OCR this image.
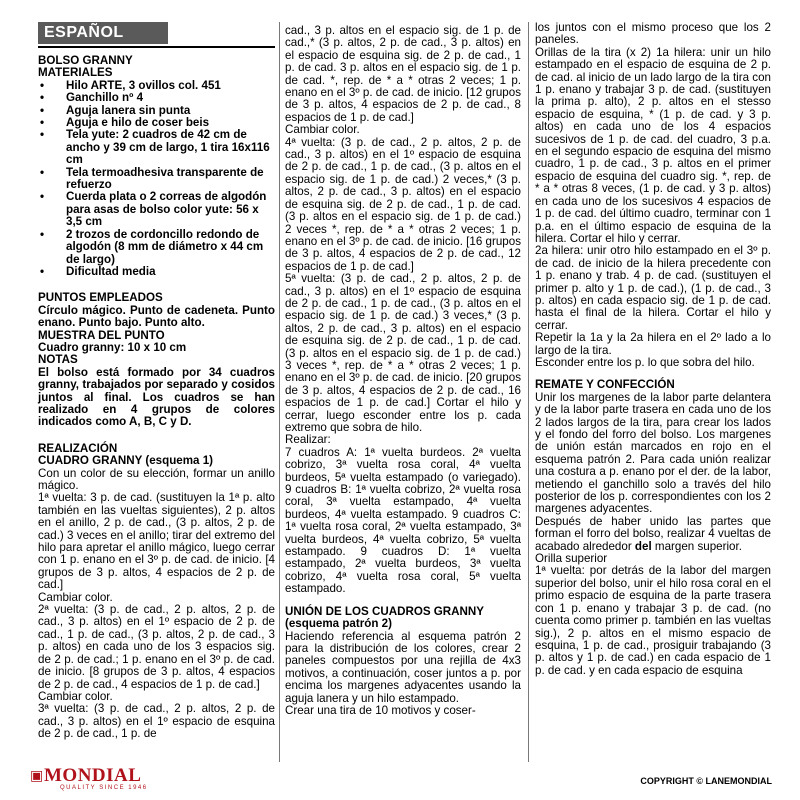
ESPAÑOL

BOLSO GRANNY

MATERIALES

• Hilo ARTE, 3 ovillos col. 451
• Ganchillo nº 4
• Aguja lanera sin punta
• Aguja e hilo de coser beis
• Tela yute: 2 cuadros de 42 cm de ancho y 39 cm de largo, 1 tira 16x116 cm
• Tela termoadhesiva transparente de refuerzo
• Cuerda plata o 2 correas de algodón para asas de bolso color yute: 56 x 3,5 cm
• 2 trozos de cordoncillo redondo de algodón (8 mm de diámetro x 44 cm de largo)
• Dificultad media

PUNTOS EMPLEADOS

Círculo mágico. Punto de cadeneta. Punto enano. Punto bajo. Punto alto.

MUESTRA DEL PUNTO

Cuadro granny: 10 x 10 cm

NOTAS

El bolso está formado por 34 cuadros granny, trabajados por separado y cosidos juntos al final. Los cuadros se han realizado en 4 grupos de colores indicados como A, B, C y D.

REALIZACIÓN

CUADRO GRANNY (esquema 1)

Con un color de su elección, formar un anillo mágico.

1ª vuelta: 3 p. de cad. (sustituyen la 1ª p. alto también en las vueltas siguientes), 2 p. altos en el anillo, 2 p. de cad., (3 p. altos, 2 p. de cad.) 3 veces en el anillo; tirar del extremo del hilo para apretar el anillo mágico, luego cerrar con 1 p. enano en el 3º p. de cad. de inicio. [4 grupos de 3 p. altos, 4 espacios de 2 p. de cad.]

Cambiar color.

2ª vuelta: (3 p. de cad., 2 p. altos, 2 p. de cad., 3 p. altos) en el 1º espacio de 2 p. de cad., 1 p. de cad., (3 p. altos, 2 p. de cad., 3 p. altos) en cada uno de los 3 espacios sig. de 2 p. de cad.; 1 p. enano en el 3º p. de cad. de inicio. [8 grupos de 3 p. altos, 4 espacios de 2 p. de cad., 4 espacios de 1 p. de cad.]

Cambiar color.

3ª vuelta: (3 p. de cad., 2 p. altos, 2 p. de cad., 3 p. altos) en el 1º espacio de esquina de 2 p. de cad., 1 p. de

cad., 3 p. altos en el espacio sig. de 1 p. de cad.,* (3 p. altos, 2 p. de cad., 3 p. altos) en el espacio de esquina sig. de 2 p. de cad., 1 p. de cad. 3 p. altos en el espacio sig. de 1 p. de cad. *, rep. de * a * otras 2 veces; 1 p. enano en el 3º p. de cad. de inicio. [12 grupos de 3 p. altos, 4 espacios de 2 p. de cad., 8 espacios de 1 p. de cad.]

Cambiar color.

4ª vuelta: (3 p. de cad., 2 p. altos, 2 p. de cad., 3 p. altos) en el 1º espacio de esquina de 2 p. de cad., 1 p. de cad., (3 p. altos en el espacio sig. de 1 p. de cad.) 2 veces,* (3 p. altos, 2 p. de cad., 3 p. altos) en el espacio de esquina sig. de 2 p. de cad., 1 p. de cad. (3 p. altos en el espacio sig. de 1 p. de cad.) 2 veces *, rep. de * a * otras 2 veces; 1 p. enano en el 3º p. de cad. de inicio. [16 grupos de 3 p. altos, 4 espacios de 2 p. de cad., 12 espacios de 1 p. de cad.]

5ª vuelta: (3 p. de cad., 2 p. altos, 2 p. de cad., 3 p. altos) en el 1º espacio de esquina de 2 p. de cad., 1 p. de cad., (3 p. altos en el espacio sig. de 1 p. de cad.) 3 veces,* (3 p. altos, 2 p. de cad., 3 p. altos) en el espacio de esquina sig. de 2 p. de cad., 1 p. de cad. (3 p. altos en el espacio sig. de 1 p. de cad.) 3 veces *, rep. de * a * otras 2 veces; 1 p. enano en el 3º p. de cad. de inicio. [20 grupos de 3 p. altos, 4 espacios de 2 p. de cad., 16 espacios de 1 p. de cad.] Cortar el hilo y cerrar, luego esconder entre los p. cada extremo que sobra de hilo.

Realizar:

7 cuadros A: 1ª vuelta burdeos. 2ª vuelta cobrizo, 3ª vuelta rosa coral, 4ª vuelta burdeos, 5ª vuelta estampado (o variegado). 9 cuadros B: 1ª vuelta cobrizo, 2ª vuelta rosa coral, 3ª vuelta estampado, 4ª vuelta burdeos, 4ª vuelta estampado. 9 cuadros C: 1ª vuelta rosa coral, 2ª vuelta estampado, 3ª vuelta burdeos, 4ª vuelta cobrizo, 5ª vuelta estampado. 9 cuadros D: 1ª vuelta estampado, 2ª vuelta burdeos, 3ª vuelta cobrizo, 4ª vuelta rosa coral, 5ª vuelta estampado.

UNIÓN DE LOS CUADROS GRANNY (esquema patrón 2)

Haciendo referencia al esquema patrón 2 para la distribución de los colores, crear 2 paneles compuestos por una rejilla de 4x3 motivos, a continuación, coser juntos a p. por encima los margenes adyacentes usando la aguja lanera y un hilo estampado.

Crear una tira de 10 motivos y coser-

los juntos con el mismo proceso que los 2 paneles.

Orillas de la tira (x 2) 1a hilera: unir un hilo estampado en el espacio de esquina de 2 p. de cad. al inicio de un lado largo de la tira con 1 p. enano y trabajar 3 p. de cad. (sustituyen la prima p. alto), 2 p. altos en el stesso espacio de esquina, * (1 p. de cad. y 3 p. altos) en cada uno de los 4 espacios sucesivos de 1 p. de cad. del cuadro, 3 p.a. en el segundo espacio de esquina del mismo cuadro, 1 p. de cad., 3 p. altos en el primer espacio de esquina del cuadro sig. *, rep. de * a * otras 8 veces, (1 p. de cad. y 3 p. altos) en cada uno de los sucesivos 4 espacios de 1 p. de cad. del último cuadro, terminar con 1 p.a. en el último espacio de esquina de la hilera. Cortar el hilo y cerrar.

2a hilera: unir otro hilo estampado en el 3º p. de cad. de inicio de la hilera precedente con 1 p. enano y trab. 4 p. de cad. (sustituyen el primer p. alto y 1 p. de cad.), (1 p. de cad., 3 p. altos) en cada espacio sig. de 1 p. de cad. hasta el final de la hilera. Cortar el hilo y cerrar.

Repetir la 1a y la 2a hilera en el 2º lado a lo largo de la tira.

Esconder entre los p. lo que sobra del hilo.

REMATE Y CONFECCIÓN

Unir los margenes de la labor parte delantera y de la labor parte trasera en cada uno de los 2 lados largos de la tira, para crear los lados y el fondo del forro del bolso. Los margenes de unión están marcados en rojo en el esquema patrón 2. Para cada unión realizar una costura a p. enano por el der. de la labor, metiendo el ganchillo solo a través del hilo posterior de los p. correspondientes con los 2 margenes adyacentes.

Después de haber unido las partes que forman el forro del bolso, realizar 4 vueltas de acabado alrededor del margen superior.

Orilla superior

1ª vuelta: por detrás de la labor del margen superior del bolso, unir el hilo rosa coral en el primo espacio de esquina de la parte trasera con 1 p. enano y trabajar 3 p. de cad. (no cuenta como primer p. también en las vueltas sig.), 2 p. altos en el mismo espacio de esquina, 1 p. de cad., prosiguir trabajando (3 p. altos y 1 p. de cad.) en cada espacio de 1 p. de cad. y en cada espacio de esquina

▣ MONDIAL
QUALITY SINCE 1946
COPYRIGHT © LANEMONDIAL
